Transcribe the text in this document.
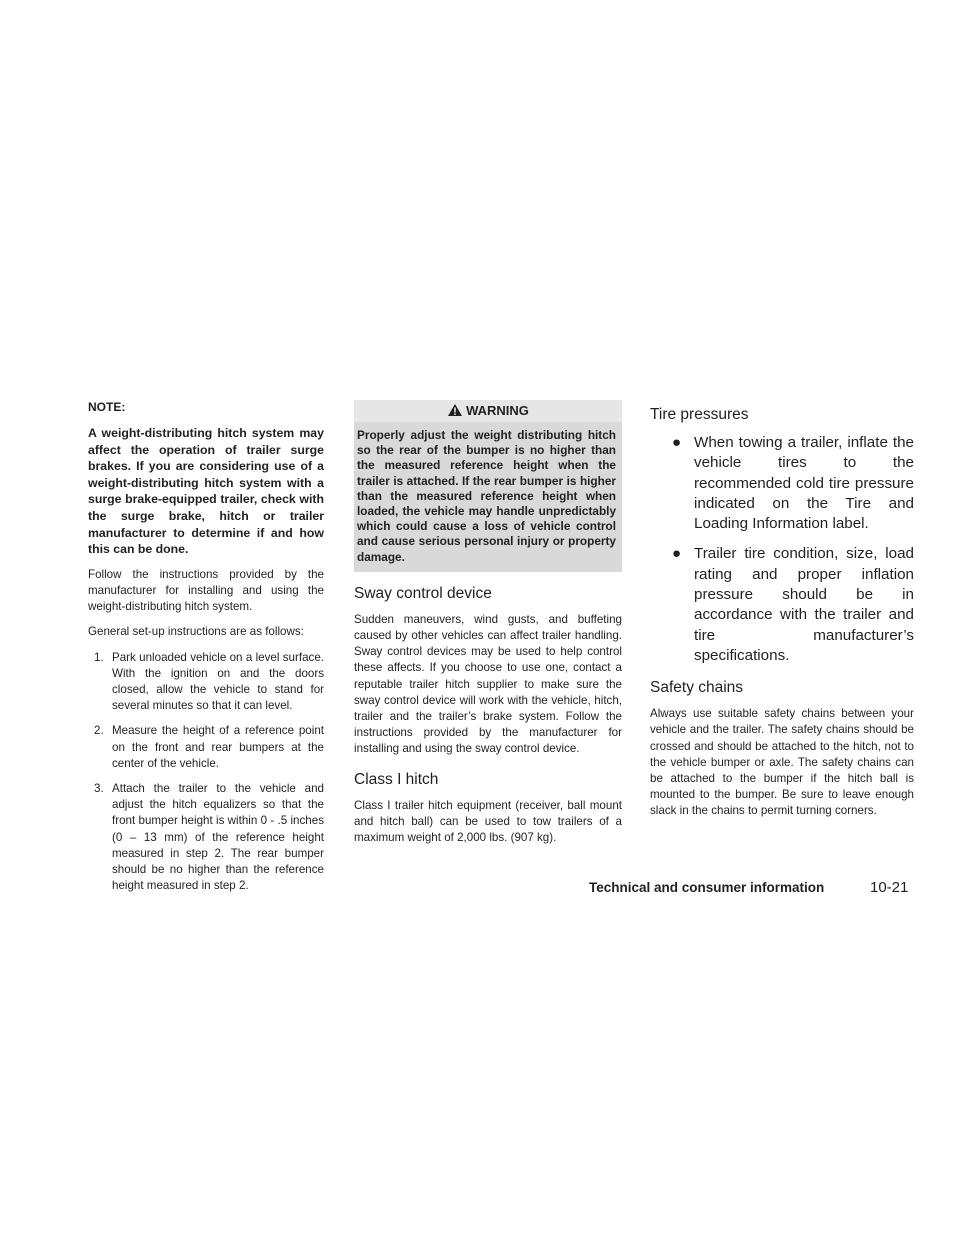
NOTE:

A weight-distributing hitch system may affect the operation of trailer surge brakes. If you are considering use of a weight-distributing hitch system with a surge brake-equipped trailer, check with the surge brake, hitch or trailer manufacturer to determine if and how this can be done.

Follow the instructions provided by the manufacturer for installing and using the weight-distributing hitch system.

General set-up instructions are as follows:

1. Park unloaded vehicle on a level surface. With the ignition on and the doors closed, allow the vehicle to stand for several minutes so that it can level.
2. Measure the height of a reference point on the front and rear bumpers at the center of the vehicle.
3. Attach the trailer to the vehicle and adjust the hitch equalizers so that the front bumper height is within 0 - .5 inches (0 – 13 mm) of the reference height measured in step 2. The rear bumper should be no higher than the reference height measured in step 2.
WARNING
Properly adjust the weight distributing hitch so the rear of the bumper is no higher than the measured reference height when the trailer is attached. If the rear bumper is higher than the measured reference height when loaded, the vehicle may handle unpredictably which could cause a loss of vehicle control and cause serious personal injury or property damage.
Sway control device

Sudden maneuvers, wind gusts, and buffeting caused by other vehicles can affect trailer handling. Sway control devices may be used to help control these affects. If you choose to use one, contact a reputable trailer hitch supplier to make sure the sway control device will work with the vehicle, hitch, trailer and the trailer’s brake system. Follow the instructions provided by the manufacturer for installing and using the sway control device.

Class I hitch

Class I trailer hitch equipment (receiver, ball mount and hitch ball) can be used to tow trailers of a maximum weight of 2,000 lbs. (907 kg).

Tire pressures
● When towing a trailer, inflate the vehicle tires to the recommended cold tire pressure indicated on the Tire and Loading Information label.
● Trailer tire condition, size, load rating and proper inflation pressure should be in accordance with the trailer and tire manufacturer’s specifications.
Safety chains

Always use suitable safety chains between your vehicle and the trailer. The safety chains should be crossed and should be attached to the hitch, not to the vehicle bumper or axle. The safety chains can be attached to the bumper if the hitch ball is mounted to the bumper. Be sure to leave enough slack in the chains to permit turning corners.

Technical and consumer information	10-21
